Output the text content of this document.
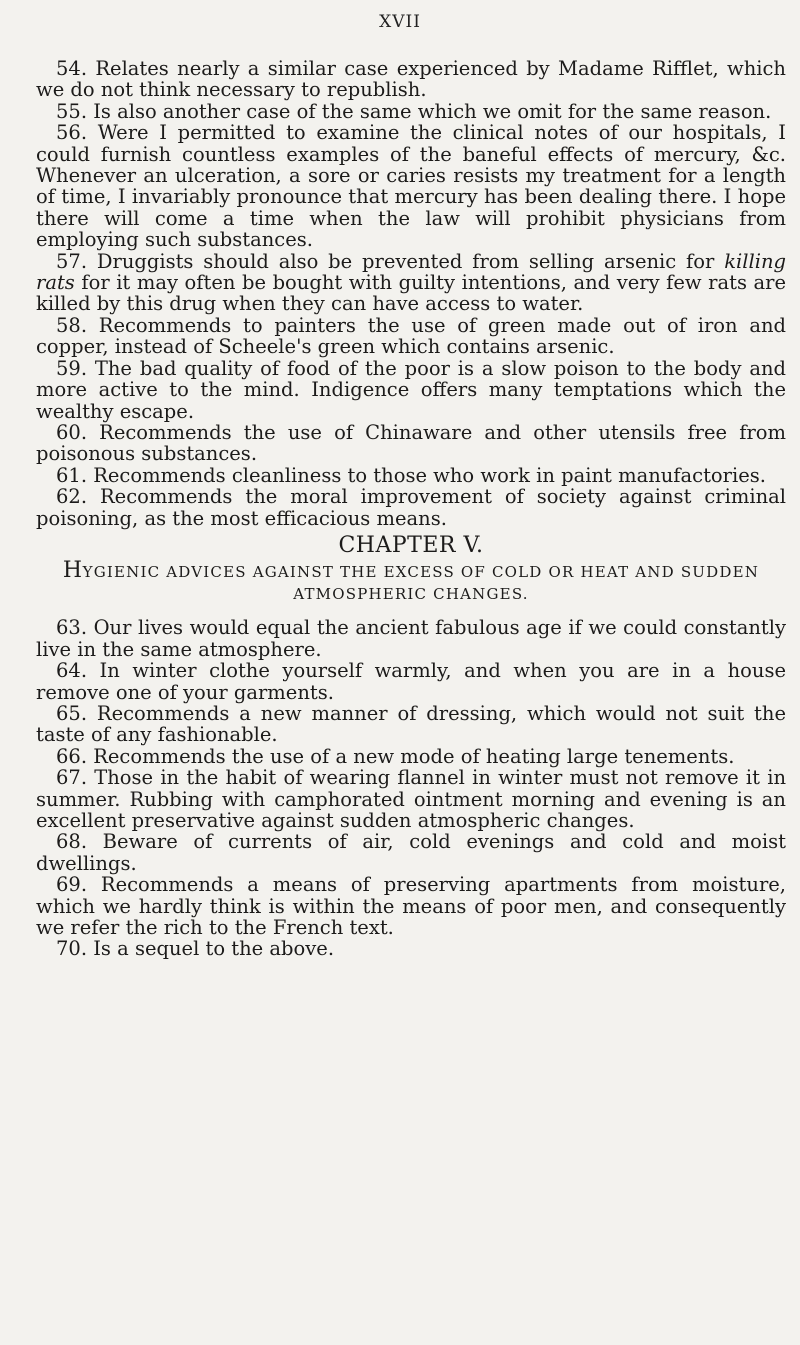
XVII

54. Relates nearly a similar case experienced by Madame Rifflet, which we do not think necessary to republish.

55. Is also another case of the same which we omit for the same reason.

56. Were I permitted to examine the clinical notes of our hospitals, I could furnish countless examples of the baneful effects of mercury, &c. Whenever an ulceration, a sore or caries resists my treatment for a length of time, I invariably pronounce that mercury has been dealing there. I hope there will come a time when the law will prohibit physicians from employing such substances.

57. Druggists should also be prevented from selling arsenic for killing rats for it may often be bought with guilty intentions, and very few rats are killed by this drug when they can have access to water.

58. Recommends to painters the use of green made out of iron and copper, instead of Scheele's green which contains arsenic.

59. The bad quality of food of the poor is a slow poison to the body and more active to the mind. Indigence offers many temptations which the wealthy escape.

60. Recommends the use of Chinaware and other utensils free from poisonous substances.

61. Recommends cleanliness to those who work in paint manufactories.

62. Recommends the moral improvement of society against criminal poisoning, as the most efficacious means.

CHAPTER V.
HYGIENIC ADVICES AGAINST THE EXCESS OF COLD OR HEAT AND SUDDEN ATMOSPHERIC CHANGES.

63. Our lives would equal the ancient fabulous age if we could constantly live in the same atmosphere.

64. In winter clothe yourself warmly, and when you are in a house remove one of your garments.

65. Recommends a new manner of dressing, which would not suit the taste of any fashionable.

66. Recommends the use of a new mode of heating large tenements.

67. Those in the habit of wearing flannel in winter must not remove it in summer. Rubbing with camphorated ointment morning and evening is an excellent preservative against sudden atmospheric changes.

68. Beware of currents of air, cold evenings and cold and moist dwellings.

69. Recommends a means of preserving apartments from moisture, which we hardly think is within the means of poor men, and consequently we refer the rich to the French text.

70. Is a sequel to the above.
